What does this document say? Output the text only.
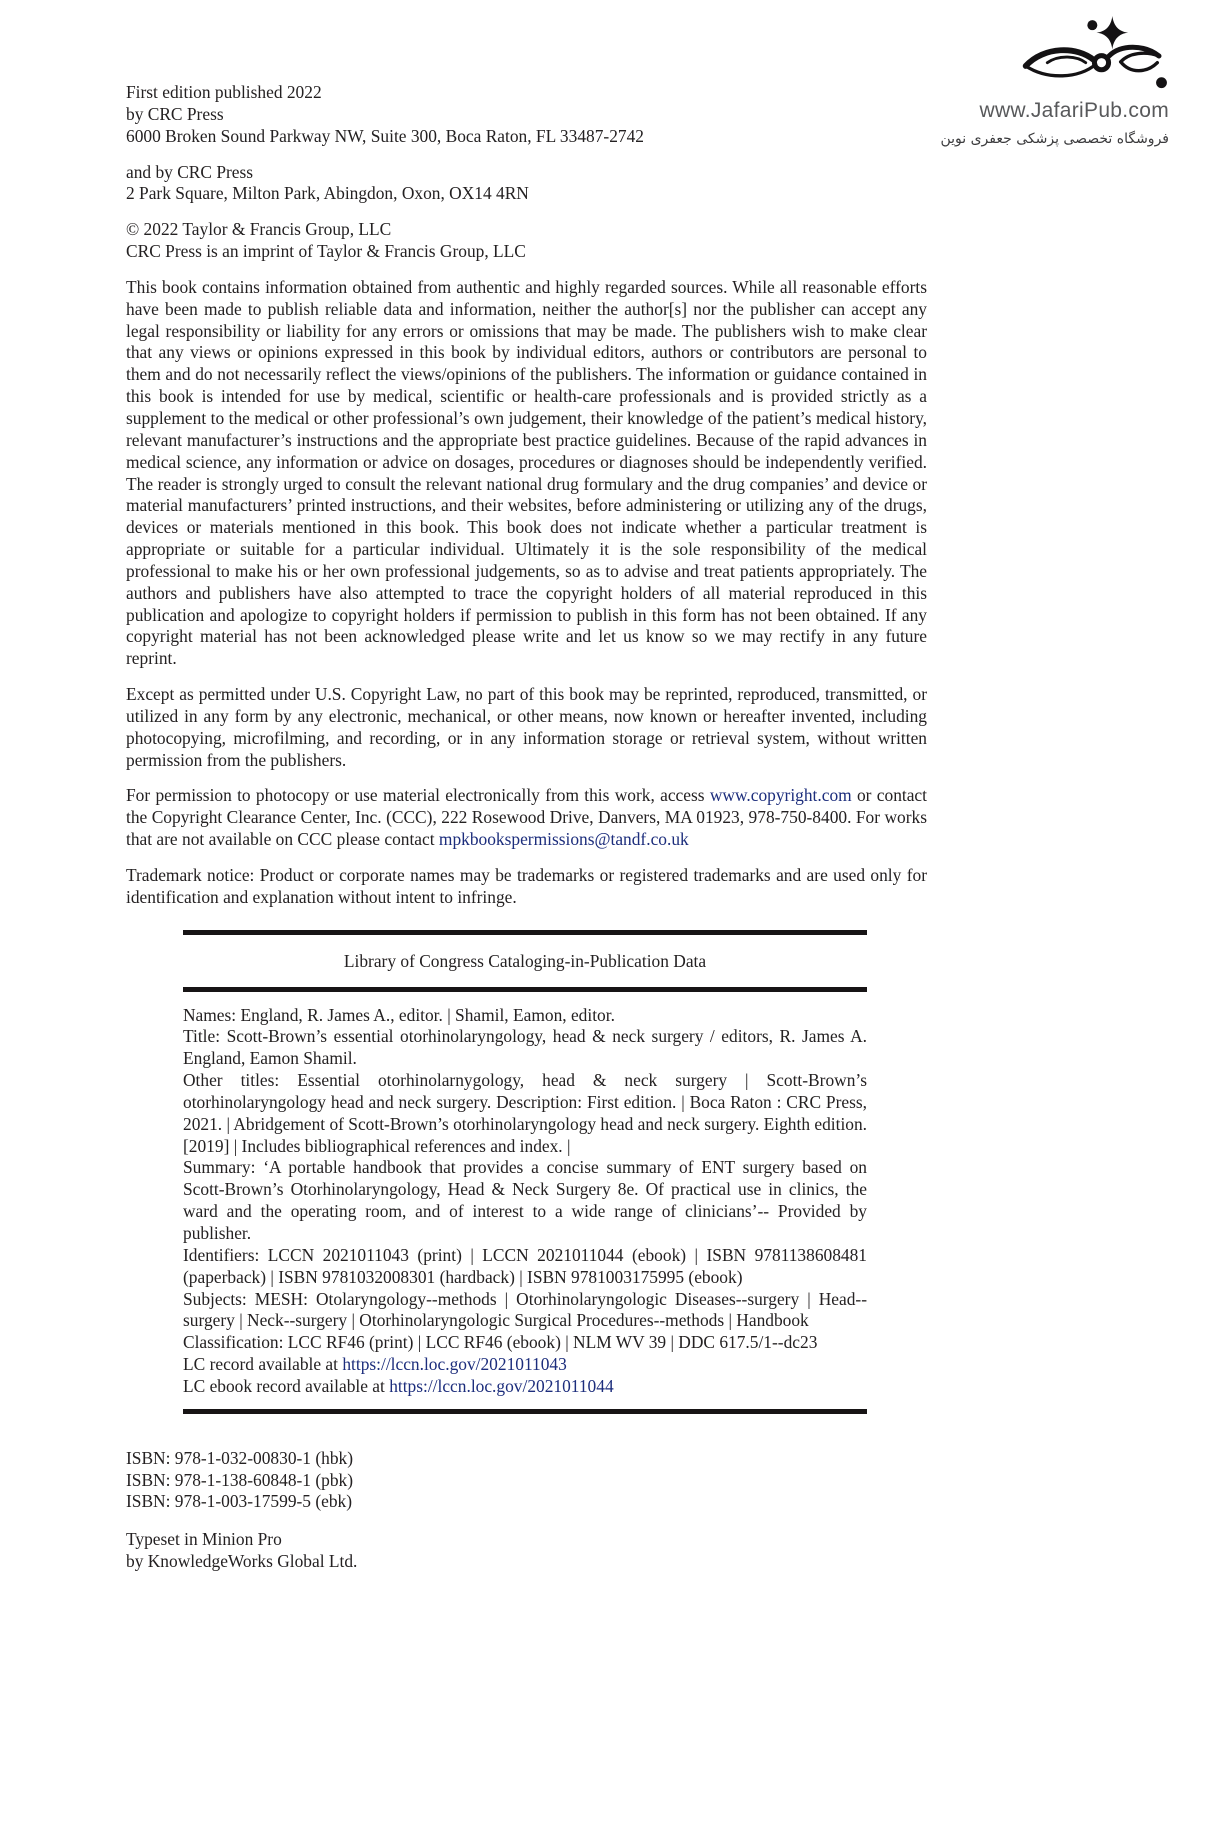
www.JafariPub.com
فروشگاه تخصصی پزشکی جعفری نوین
First edition published 2022
by CRC Press
6000 Broken Sound Parkway NW, Suite 300, Boca Raton, FL 33487-2742
and by CRC Press
2 Park Square, Milton Park, Abingdon, Oxon, OX14 4RN
© 2022 Taylor & Francis Group, LLC
CRC Press is an imprint of Taylor & Francis Group, LLC

This book contains information obtained from authentic and highly regarded sources. While all reasonable efforts have been made to publish reliable data and information, neither the author[s] nor the publisher can accept any legal responsibility or liability for any errors or omissions that may be made. The publishers wish to make clear that any views or opinions expressed in this book by individual editors, authors or contributors are personal to them and do not necessarily reflect the views/opinions of the publishers. The information or guidance contained in this book is intended for use by medical, scientific or health-care professionals and is provided strictly as a supplement to the medical or other professional’s own judgement, their knowledge of the patient’s medical history, relevant manufacturer’s instructions and the appropriate best practice guidelines. Because of the rapid advances in medical science, any information or advice on dosages, procedures or diagnoses should be independently verified. The reader is strongly urged to consult the relevant national drug formulary and the drug companies’ and device or material manufacturers’ printed instructions, and their websites, before administering or utilizing any of the drugs, devices or materials mentioned in this book. This book does not indicate whether a particular treatment is appropriate or suitable for a particular individual. Ultimately it is the sole responsibility of the medical professional to make his or her own professional judgements, so as to advise and treat patients appropriately. The authors and publishers have also attempted to trace the copyright holders of all material reproduced in this publication and apologize to copyright holders if permission to publish in this form has not been obtained. If any copyright material has not been acknowledged please write and let us know so we may rectify in any future reprint.

Except as permitted under U.S. Copyright Law, no part of this book may be reprinted, reproduced, transmitted, or utilized in any form by any electronic, mechanical, or other means, now known or hereafter invented, including photocopying, microfilming, and recording, or in any information storage or retrieval system, without written permission from the publishers.

For permission to photocopy or use material electronically from this work, access www.copyright.com or contact the Copyright Clearance Center, Inc. (CCC), 222 Rosewood Drive, Danvers, MA 01923, 978-750-8400. For works that are not available on CCC please contact mpkbookspermissions@tandf.co.uk

Trademark notice: Product or corporate names may be trademarks or registered trademarks and are used only for identification and explanation without intent to infringe.

Library of Congress Cataloging-in-Publication Data

Names: England, R. James A., editor. | Shamil, Eamon, editor.

Title: Scott-Brown’s essential otorhinolaryngology, head & neck surgery / editors, R. James A. England, Eamon Shamil.

Other titles: Essential otorhinolarnygology, head & neck surgery | Scott-Brown’s otorhinolaryngology head and neck surgery. Description: First edition. | Boca Raton : CRC Press, 2021. | Abridgement of Scott-Brown’s otorhinolaryngology head and neck surgery. Eighth edition. [2019] | Includes bibliographical references and index. |

Summary: ‘A portable handbook that provides a concise summary of ENT surgery based on Scott-Brown’s Otorhinolaryngology, Head & Neck Surgery 8e. Of practical use in clinics, the ward and the operating room, and of interest to a wide range of clinicians’-- Provided by publisher.

Identifiers: LCCN 2021011043 (print) | LCCN 2021011044 (ebook) | ISBN 9781138608481 (paperback) | ISBN 9781032008301 (hardback) | ISBN 9781003175995 (ebook)

Subjects: MESH: Otolaryngology--methods | Otorhinolaryngologic Diseases--surgery | Head--surgery | Neck--surgery | Otorhinolaryngologic Surgical Procedures--methods | Handbook

Classification: LCC RF46 (print) | LCC RF46 (ebook) | NLM WV 39 | DDC 617.5/1--dc23

LC record available at https://lccn.loc.gov/2021011043

LC ebook record available at https://lccn.loc.gov/2021011044

ISBN: 978-1-032-00830-1 (hbk)
ISBN: 978-1-138-60848-1 (pbk)
ISBN: 978-1-003-17599-5 (ebk)
Typeset in Minion Pro
by KnowledgeWorks Global Ltd.
